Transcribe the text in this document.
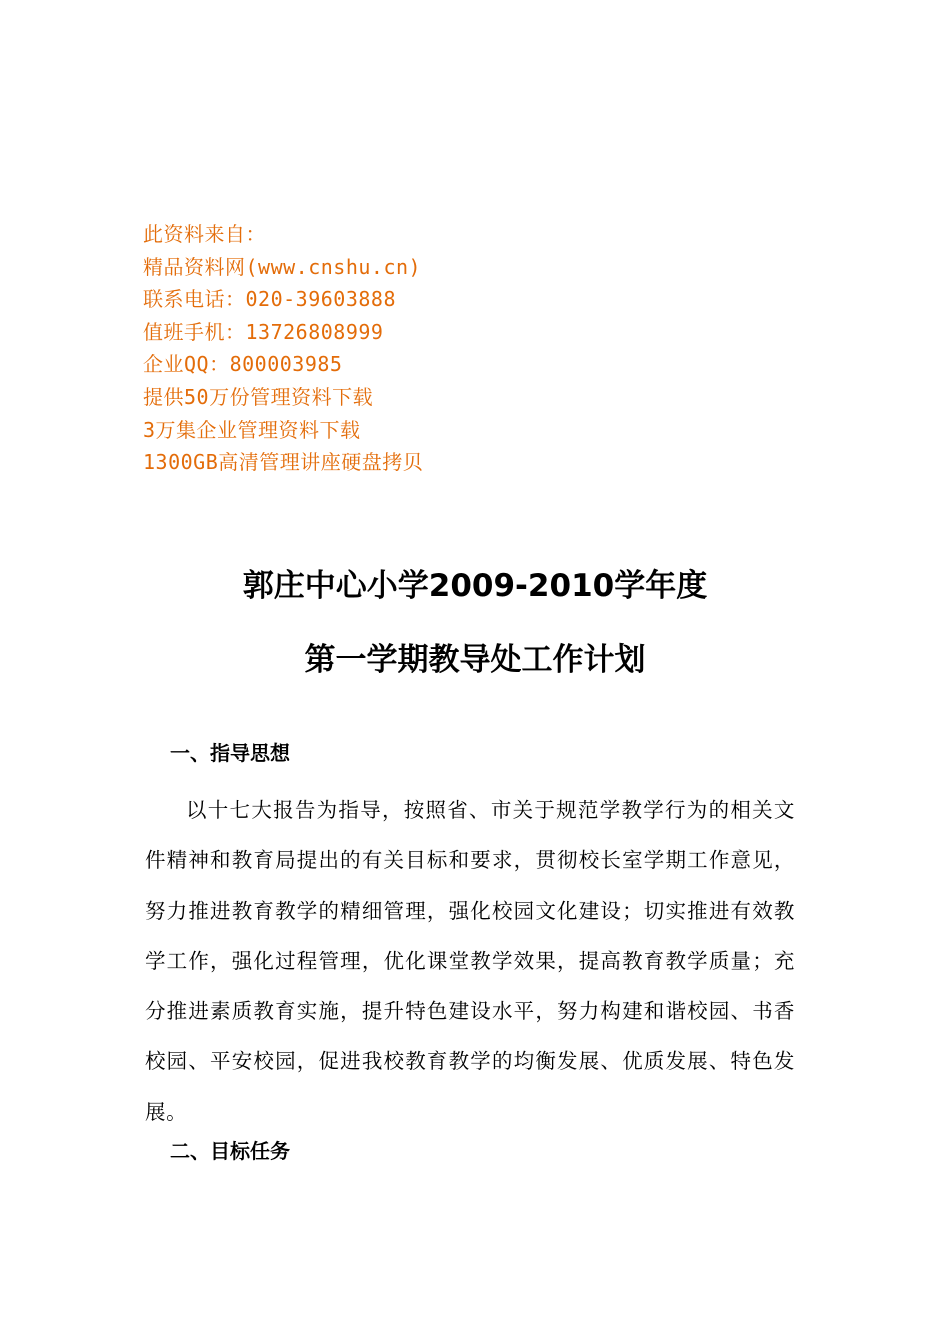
此资料来自：
精品资料网(www.cnshu.cn)
联系电话：020-39603888
值班手机：13726808999
企业QQ：800003985
提供50万份管理资料下载
3万集企业管理资料下载
1300GB高清管理讲座硬盘拷贝
郭庄中心小学2009-2010学年度
第一学期教导处工作计划
一、指导思想
以十七大报告为指导，按照省、市关于规范学教学行为的相关文件精神和教育局提出的有关目标和要求，贯彻校长室学期工作意见，努力推进教育教学的精细管理，强化校园文化建设；切实推进有效教学工作，强化过程管理，优化课堂教学效果，提高教育教学质量；充分推进素质教育实施，提升特色建设水平，努力构建和谐校园、书香校园、平安校园，促进我校教育教学的均衡发展、优质发展、特色发展。
二、目标任务
